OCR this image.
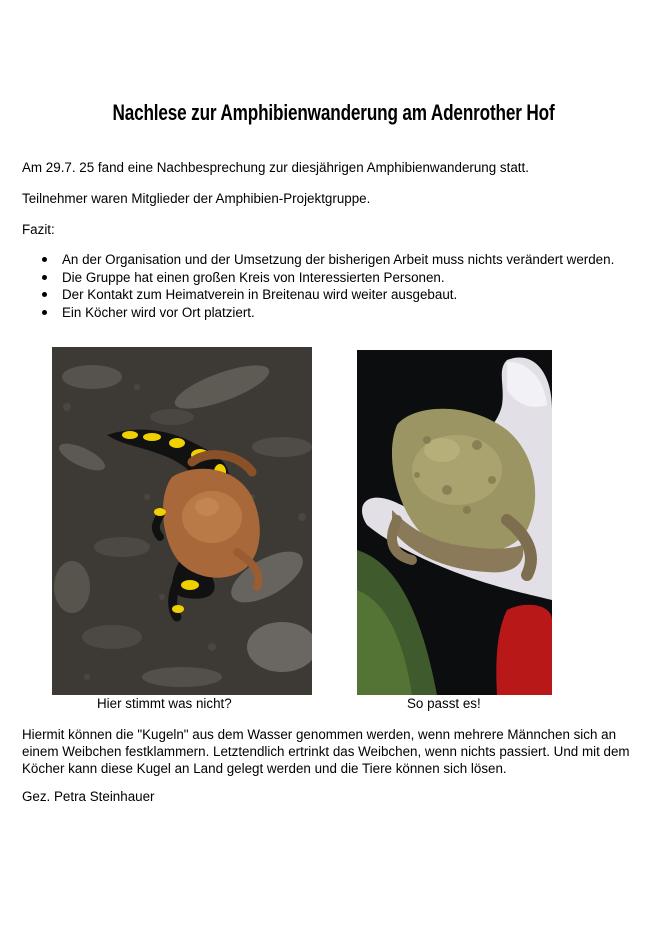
Nachlese zur Amphibienwanderung am Adenrother Hof
Am 29.7. 25 fand eine Nachbesprechung zur diesjährigen Amphibienwanderung statt.
Teilnehmer waren Mitglieder der Amphibien-Projektgruppe.
Fazit:
An der Organisation und der Umsetzung der bisherigen Arbeit muss nichts verändert werden.
Die Gruppe hat einen großen Kreis von Interessierten Personen.
Der Kontakt zum Heimatverein in Breitenau wird weiter ausgebaut.
Ein Köcher wird vor Ort platziert.
Hier stimmt was nicht?	So passt es!
Hiermit können die "Kugeln" aus dem Wasser genommen werden, wenn mehrere Männchen sich an einem Weibchen festklammern. Letztendlich ertrinkt das Weibchen, wenn nichts passiert. Und mit dem Köcher kann diese Kugel an Land gelegt werden und die Tiere können sich lösen.
Gez. Petra Steinhauer
